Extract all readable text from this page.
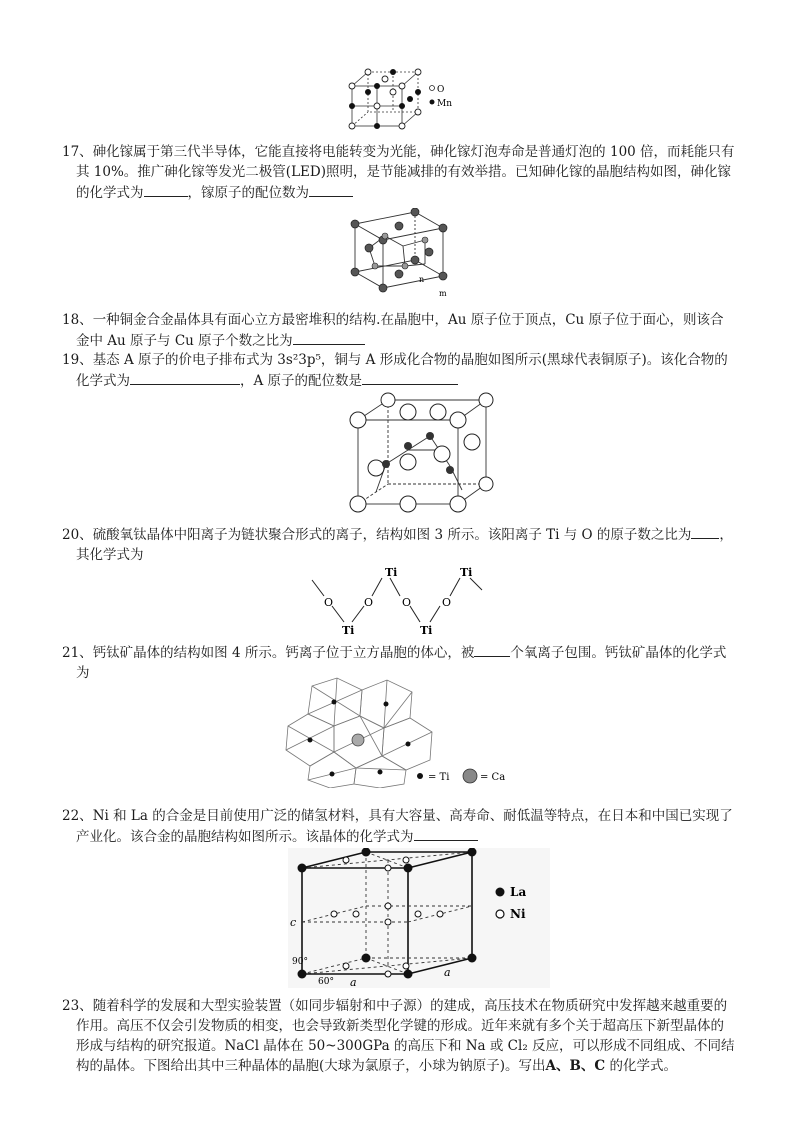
O
Mn
17、砷化镓属于第三代半导体，它能直接将电能转变为光能，砷化镓灯泡寿命是普通灯泡的 100 倍，而耗能只有
其 10%。推广砷化镓等发光二极管(LED)照明，是节能减排的有效举措。已知砷化镓的晶胞结构如图，砷化镓
的化学式为	，镓原子的配位数为
n
m
18、一种铜金合金晶体具有面心立方最密堆积的结构.在晶胞中，Au 原子位于顶点，Cu 原子位于面心，则该合
金中 Au 原子与 Cu 原子个数之比为
19、基态 A 原子的价电子排布式为 3s²3p⁵，铜与 A 形成化合物的晶胞如图所示(黑球代表铜原子)。该化合物的
化学式为	，A 原子的配位数是
20、硫酸氧钛晶体中阳离子为链状聚合形式的离子，结构如图 3 所示。该阳离子 Ti 与 O 的原子数之比为 ，
其化学式为
Ti	Ti
Ti	Ti
O	O	O	O
21、钙钛矿晶体的结构如图 4 所示。钙离子位于立方晶胞的体心，被	个氧离子包围。钙钛矿晶体的化学式
为
= Ti	= Ca
22、Ni 和 La 的合金是目前使用广泛的储氢材料，具有大容量、高寿命、耐低温等特点，在日本和中国已实现了
产业化。该合金的晶胞结构如图所示。该晶体的化学式为
c
90°
60° a
a
La
Ni
23、随着科学的发展和大型实验装置（如同步辐射和中子源）的建成，高压技术在物质研究中发挥越来越重要的
作用。高压不仅会引发物质的相变，也会导致新类型化学键的形成。近年来就有多个关于超高压下新型晶体的
形成与结构的研究报道。NaCl 晶体在 50~300GPa 的高压下和 Na 或 Cl₂ 反应，可以形成不同组成、不同结
构的晶体。下图给出其中三种晶体的晶胞(大球为氯原子，小球为钠原子)。写出A、B、C 的化学式。
